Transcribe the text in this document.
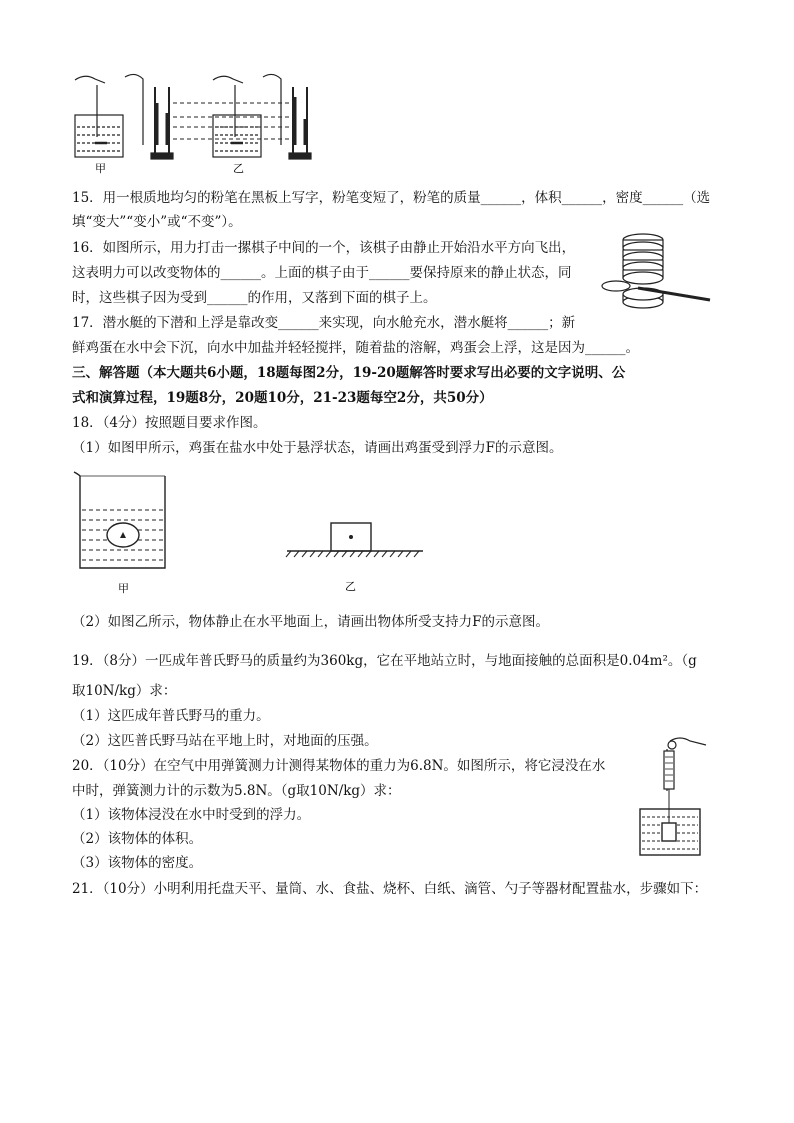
甲	乙
15．用一根质地均匀的粉笔在黑板上写字，粉笔变短了，粉笔的质量______，体积______，密度______（选
填“变大”“变小”或“不变”）。
16．如图所示，用力打击一摞棋子中间的一个，该棋子由静止开始沿水平方向飞出，
这表明力可以改变物体的______。上面的棋子由于______要保持原来的静止状态，同
时，这些棋子因为受到______的作用，又落到下面的棋子上。
17．潜水艇的下潜和上浮是靠改变______来实现，向水舱充水，潜水艇将______；新
鲜鸡蛋在水中会下沉，向水中加盐并轻轻搅拌，随着盐的溶解，鸡蛋会上浮，这是因为______。
三、解答题（本大题共6小题，18题每图2分，19-20题解答时要求写出必要的文字说明、公
式和演算过程，19题8分，20题10分，21-23题每空2分，共50分）
18．（4分）按照题目要求作图。
（1）如图甲所示，鸡蛋在盐水中处于悬浮状态，请画出鸡蛋受到浮力F的示意图。
甲	乙
（2）如图乙所示，物体静止在水平地面上，请画出物体所受支持力F的示意图。
19．（8分）一匹成年普氏野马的质量约为360kg，它在平地站立时，与地面接触的总面积是0.04m²。（g
取10N/kg）求：
（1）这匹成年普氏野马的重力。
（2）这匹普氏野马站在平地上时，对地面的压强。
20．（10分）在空气中用弹簧测力计测得某物体的重力为6.8N。如图所示，将它浸没在水
中时，弹簧测力计的示数为5.8N。（g取10N/kg）求：
（1）该物体浸没在水中时受到的浮力。
（2）该物体的体积。
（3）该物体的密度。
21．（10分）小明利用托盘天平、量筒、水、食盐、烧杯、白纸、滴管、勺子等器材配置盐水，步骤如下：
